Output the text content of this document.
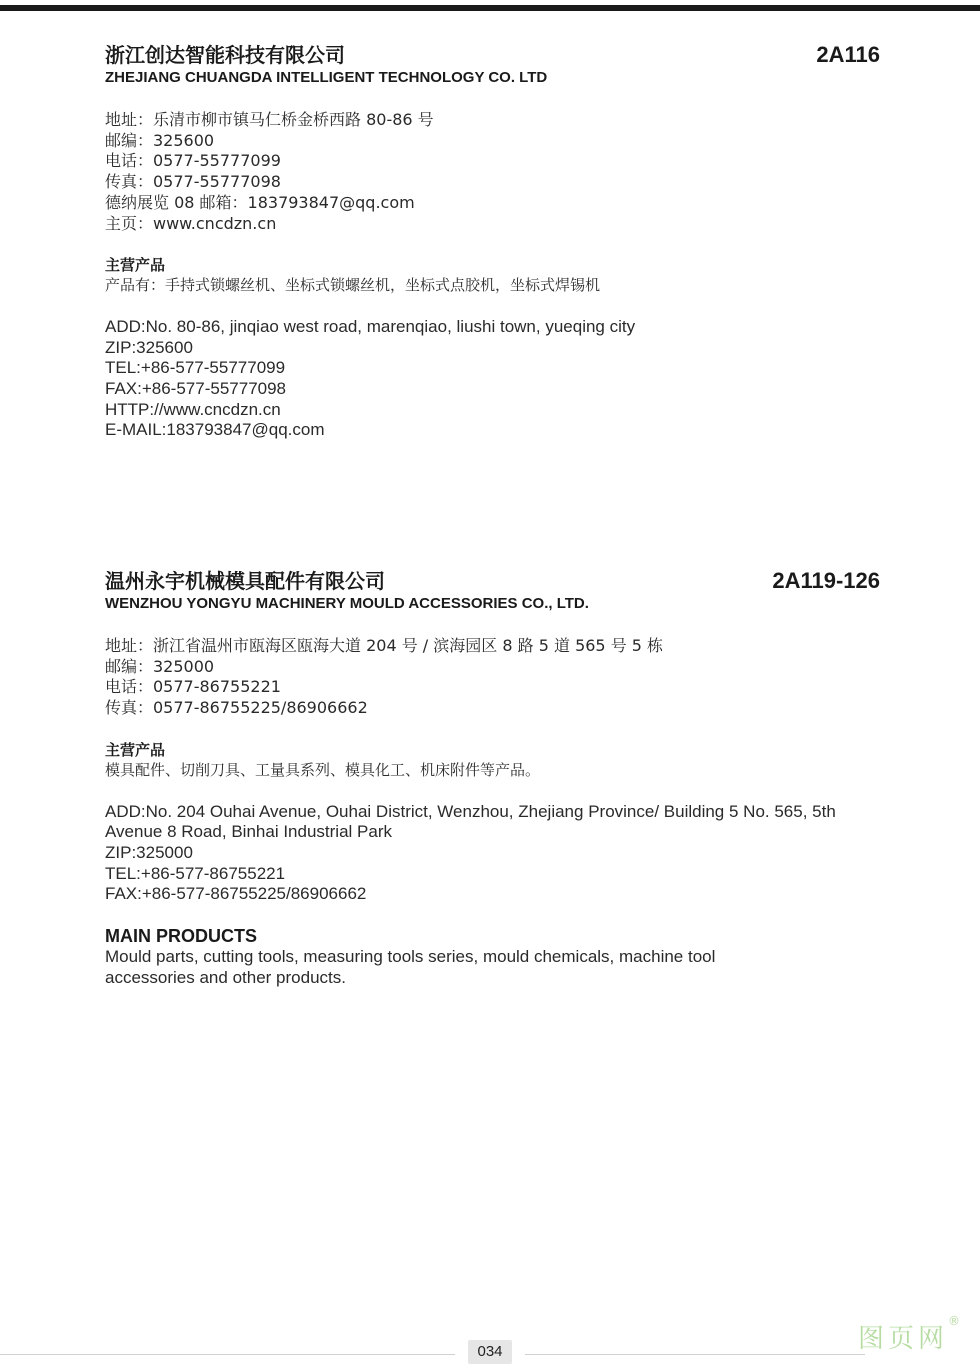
浙江创达智能科技有限公司
ZHEJIANG CHUANGDA INTELLIGENT TECHNOLOGY CO. LTD
2A116
地址：乐清市柳市镇马仁桥金桥西路 80-86 号
邮编：325600
电话：0577-55777099
传真：0577-55777098
德纳展览 08 邮箱：183793847@qq.com
主页：www.cncdzn.cn
主营产品
产品有：手持式锁螺丝机、坐标式锁螺丝机，坐标式点胶机，坐标式焊锡机
ADD:No. 80-86, jinqiao west road, marenqiao, liushi town, yueqing city
ZIP:325600
TEL:+86-577-55777099
FAX:+86-577-55777098
HTTP://www.cncdzn.cn
E-MAIL:183793847@qq.com
温州永宇机械模具配件有限公司
WENZHOU YONGYU MACHINERY MOULD ACCESSORIES CO., LTD.
2A119-126
地址：浙江省温州市瓯海区瓯海大道 204 号 / 滨海园区 8 路 5 道 565 号 5 栋
邮编：325000
电话：0577-86755221
传真：0577-86755225/86906662
主营产品
模具配件、切削刀具、工量具系列、模具化工、机床附件等产品。
ADD:No. 204 Ouhai Avenue, Ouhai District, Wenzhou, Zhejiang Province/ Building 5 No. 565, 5th Avenue 8 Road, Binhai Industrial Park
ZIP:325000
TEL:+86-577-86755221
FAX:+86-577-86755225/86906662
MAIN PRODUCTS
Mould parts, cutting tools, measuring tools series, mould chemicals, machine tool accessories and other products.
034	图页网®
